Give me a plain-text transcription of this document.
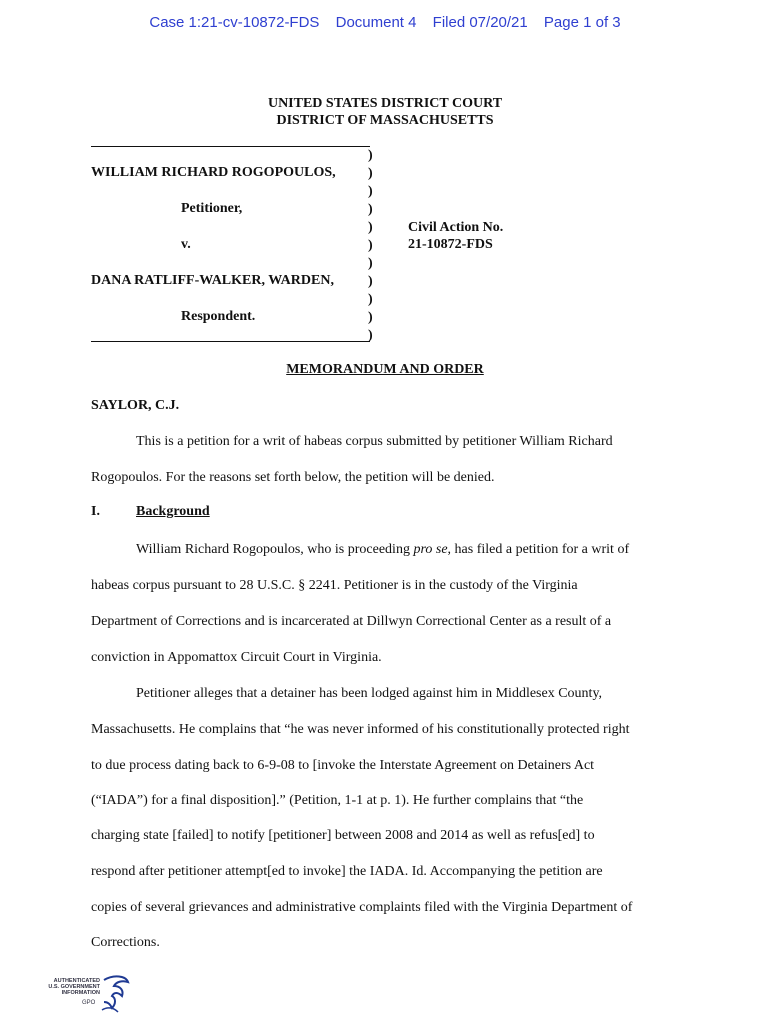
Case 1:21-cv-10872-FDS Document 4 Filed 07/20/21 Page 1 of 3
UNITED STATES DISTRICT COURT
DISTRICT OF MASSACHUSETTS
)
)
)
)
)
)
)
)
)
)
)
WILLIAM RICHARD ROGOPOULOS,
Petitioner,
v.
DANA RATLIFF-WALKER, WARDEN,
Respondent.
Civil Action No.
21-10872-FDS
MEMORANDUM AND ORDER
SAYLOR, C.J.
This is a petition for a writ of habeas corpus submitted by petitioner William Richard
Rogopoulos. For the reasons set forth below, the petition will be denied.
I.	Background
William Richard Rogopoulos, who is proceeding pro se, has filed a petition for a writ of
habeas corpus pursuant to 28 U.S.C. § 2241. Petitioner is in the custody of the Virginia
Department of Corrections and is incarcerated at Dillwyn Correctional Center as a result of a
conviction in Appomattox Circuit Court in Virginia.
Petitioner alleges that a detainer has been lodged against him in Middlesex County,
Massachusetts. He complains that “he was never informed of his constitutionally protected right
to due process dating back to 6-9-08 to [invoke the Interstate Agreement on Detainers Act
(“IADA”) for a final disposition].” (Petition, 1-1 at p. 1). He further complains that “the
charging state [failed] to notify [petitioner] between 2008 and 2014 as well as refus[ed] to
respond after petitioner attempt[ed to invoke] the IADA. Id. Accompanying the petition are
copies of several grievances and administrative complaints filed with the Virginia Department of
Corrections.
AUTHENTICATED
U.S. GOVERNMENT
INFORMATION
GPO
